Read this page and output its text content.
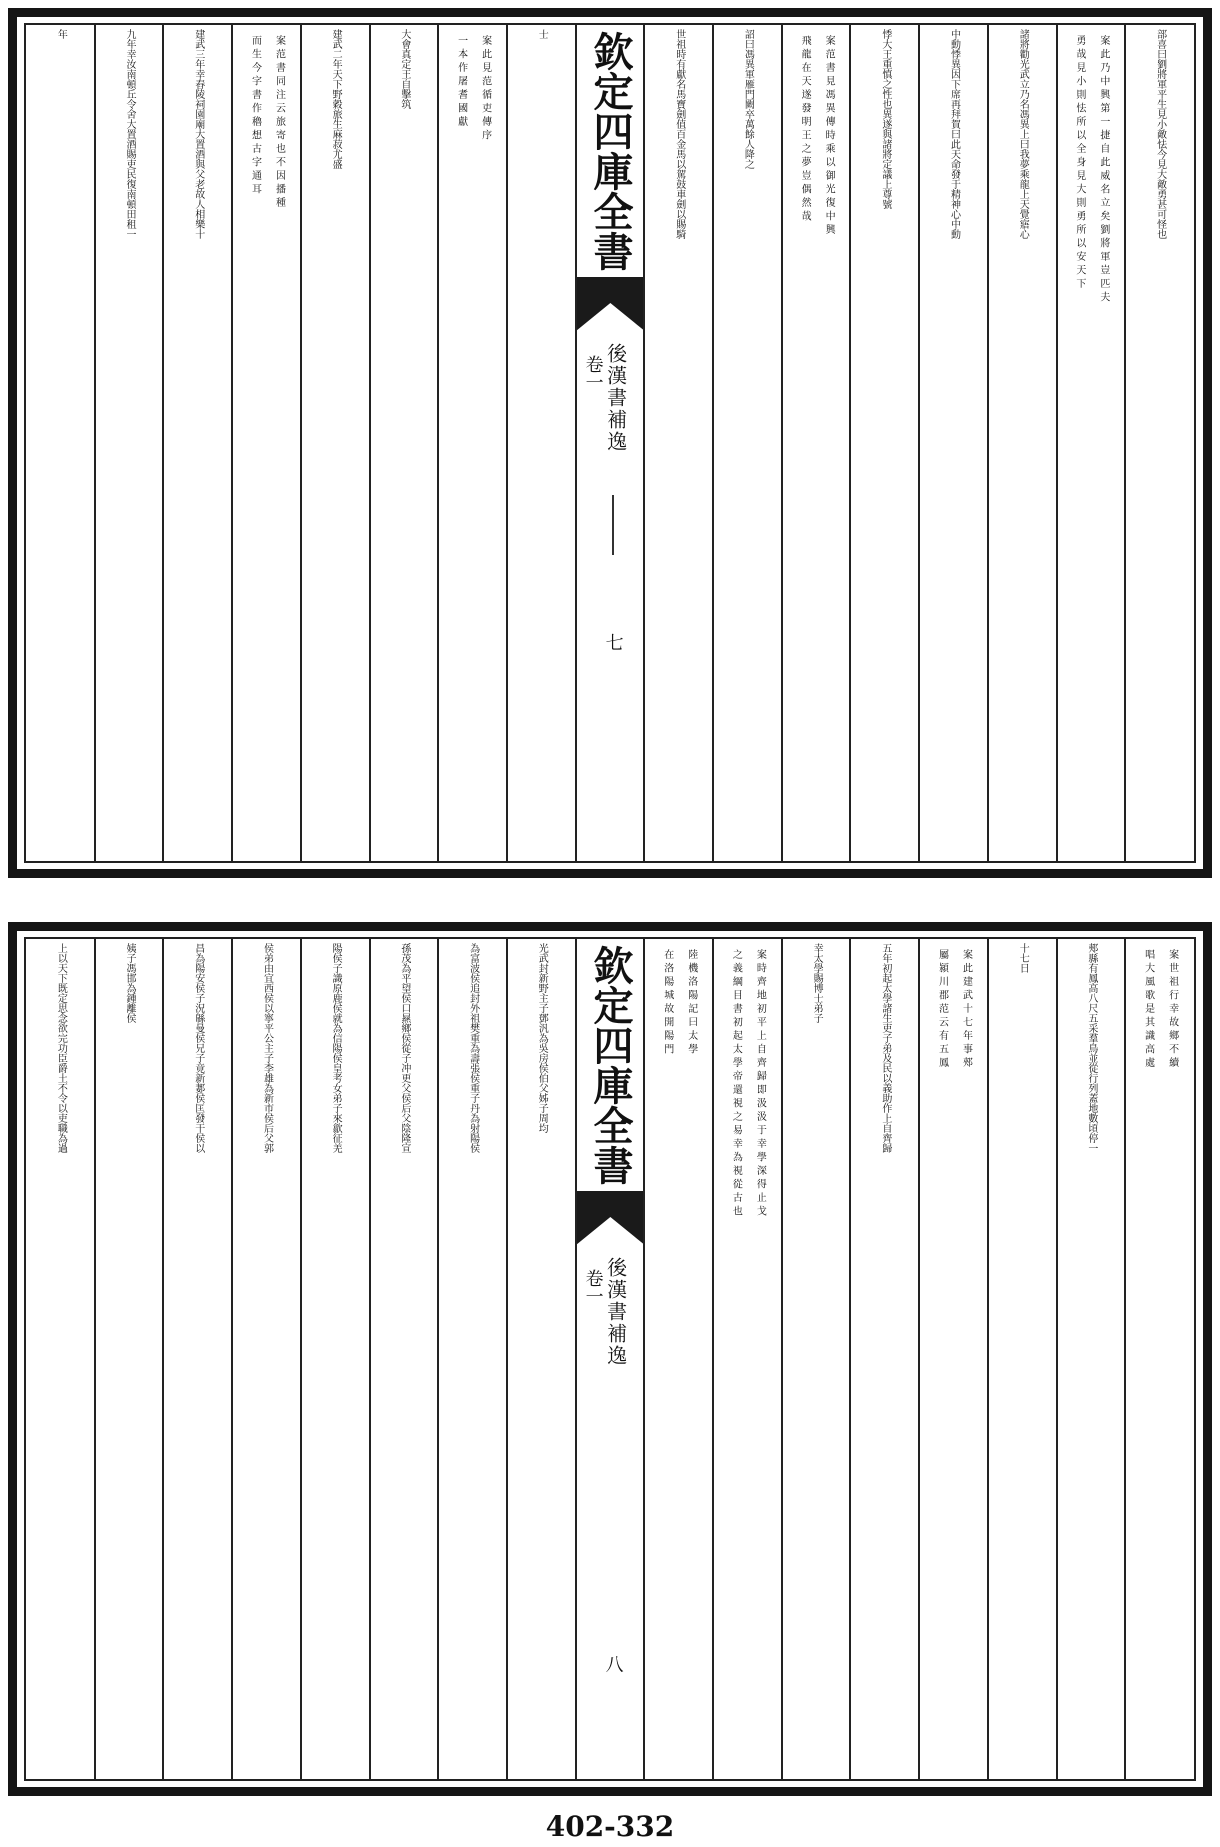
部喜曰劉將軍平生見小敵怯今見大敵勇甚可怪也
案此乃中興第一捷自此威名立矣劉將軍豈匹夫
勇哉見小則怯所以全身見大則勇所以安天下
諸將勸光武立乃名馮異上曰我夢乘龍上天覺寤心
中動悸異因下席再拜賀曰此天命發于精神心中動
悸大王重慎之性也異遂與諸將定議上尊號
案范書見馮異傳時乘以御光復中興
飛龍在天遂發明王之夢豈偶然哉
詔曰馮異軍雁門闕卒萬餘人降之
世祖時有獻名馬寶劍值百金馬以駕鼓車劍以賜騎
欽定四庫全書
後漢書補逸
卷一
七
士
案此見范循吏傳序
一本作屠耆國獻
大會真定王自擊筑
建武二年天下野穀旅生麻菽尤盛
案范書同注云旅寄也不因播種
而生今字書作穭想古字通耳
建武三年幸舂陵祠園廟大置酒與父老故人相樂十
九年幸汝南頓丘令舍大置酒賜吏民復南頓田租一
年
案世祖行幸故鄉不續
唱大風歌是其識高處
郟縣有鳳高八尺五采羣鳥並從行列蓋地數頃停一
十七日
案此建武十七年事郟
屬潁川郡范云有五鳳
五年初起太學諸生吏子弟及民以義助作上自齊歸
幸太學賜博士弟子
案時齊地初平上自齊歸即汲汲于幸學深得止戈
之義綱目書初起太學帝還視之易幸為視從古也
陸機洛陽記曰太學
在洛陽城故開陽門
欽定四庫全書
後漢書補逸
卷一
八
光武封新野主子鄧汎為吳房侯伯父姊子周均
為富波侯追封外祖樊重為壽張侯重子丹為射陽侯
孫茂為平望侯口㬎鄉侯從子冲更父侯后父陰隆宣
陽侯子識原鹿侯就為信陽侯皇考女弟子來歙征羌
侯弟由宜西侯以寧平公主子李雄為新市侯后父郭
昌為陽安侯子況緜曼侯兄子竟新郪侯匡發干侯以
姨子馮邯為鍾離侯
上以天下既定思念欲完功臣爵土不令以吏職為過
402-332
